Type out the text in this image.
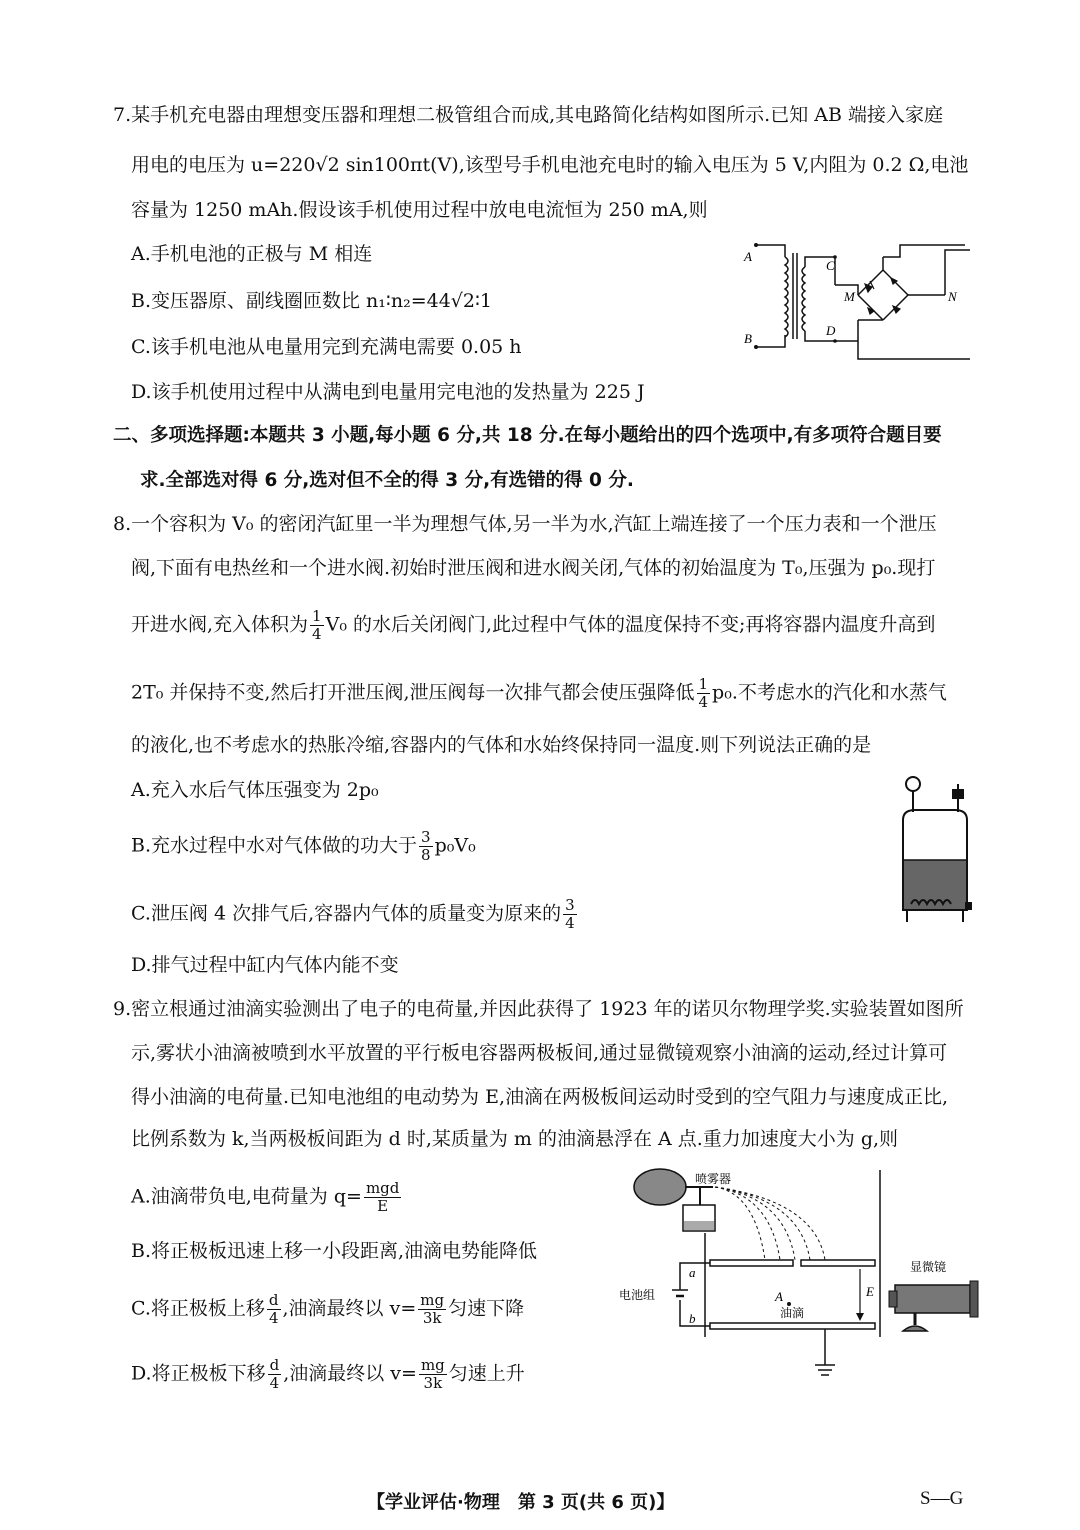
7.某手机充电器由理想变压器和理想二极管组合而成,其电路简化结构如图所示.已知 AB 端接入家庭
用电的电压为 u=220√2 sin100πt(V),该型号手机电池充电时的输入电压为 5 V,内阻为 0.2 Ω,电池
容量为 1250 mAh.假设该手机使用过程中放电电流恒为 250 mA,则
A.手机电池的正极与 M 相连
B.变压器原、副线圈匝数比 n₁∶n₂=44√2∶1
C.该手机电池从电量用完到充满电需要 0.05 h
D.该手机使用过程中从满电到电量用完电池的发热量为 225 J
A
B
C
D
M	N
二、多项选择题:本题共 3 小题,每小题 6 分,共 18 分.在每小题给出的四个选项中,有多项符合题目要
求.全部选对得 6 分,选对但不全的得 3 分,有选错的得 0 分.
8.一个容积为 V₀ 的密闭汽缸里一半为理想气体,另一半为水,汽缸上端连接了一个压力表和一个泄压
阀,下面有电热丝和一个进水阀.初始时泄压阀和进水阀关闭,气体的初始温度为 T₀,压强为 p₀.现打
开进水阀,充入体积为 $\frac{1}{4} V_0$ 的水后关闭阀门,此过程中气体的温度保持不变;再将容器内温度升高到
2T₀ 并保持不变,然后打开泄压阀,泄压阀每一次排气都会使压强降低 $\frac{1}{4} p_0$.不考虑水的汽化和水蒸气
的液化,也不考虑水的热胀冷缩,容器内的气体和水始终保持同一温度.则下列说法正确的是
A.充入水后气体压强变为 2p₀
B.充水过程中水对气体做的功大于 $\frac{3}{8} p_0V_0$
C.泄压阀 4 次排气后,容器内气体的质量变为原来的 $\frac{3}{4}$
D.排气过程中缸内气体内能不变
9.密立根通过油滴实验测出了电子的电荷量,并因此获得了 1923 年的诺贝尔物理学奖.实验装置如图所
示,雾状小油滴被喷到水平放置的平行板电容器两极板间,通过显微镜观察小油滴的运动,经过计算可
得小油滴的电荷量.已知电池组的电动势为 E,油滴在两极板间运动时受到的空气阻力与速度成正比,
比例系数为 k,当两极板间距为 d 时,某质量为 m 的油滴悬浮在 A 点.重力加速度大小为 g,则
A.油滴带负电,电荷量为 $q= \frac{\text{mgd}}{E}$
B.将正极板迅速上移一小段距离,油滴电势能降低
C.将正极板上移 $\frac{d}{4}$ ,油滴最终以 $v= \frac{mg}{3k}$ 匀速下降
D.将正极板下移 $\frac{d}{4}$ ,油滴最终以 $v= \frac{mg}{3k}$ 匀速上升
喷雾器
电池组
a
b
A
油滴
E
显微镜
【学业评估·物理　第 3 页(共 6 页)】	S—G
